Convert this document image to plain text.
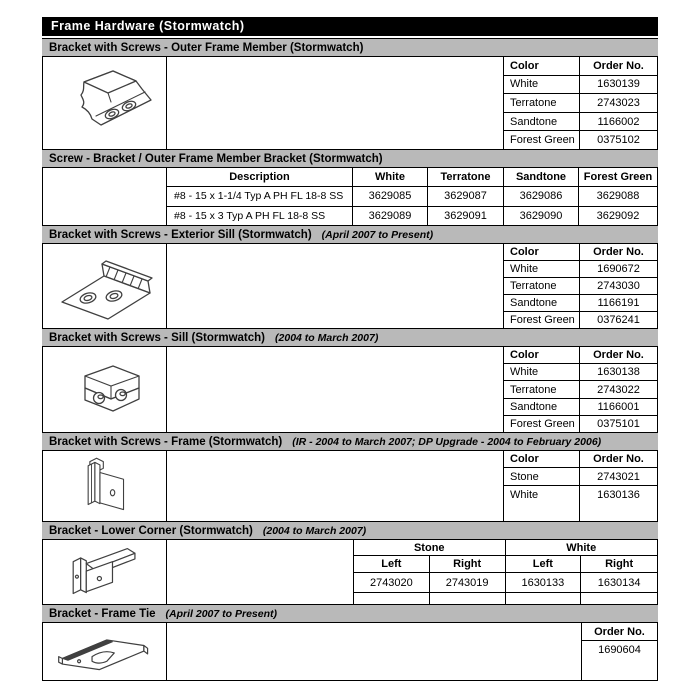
Frame Hardware (Stormwatch)
Bracket with Screws - Outer Frame Member (Stormwatch)
Color	Order No.
White	1630139
Terratone	2743023
Sandtone	1166002
Forest Green	0375102
Screw - Bracket / Outer Frame Member Bracket (Stormwatch)
Description	White	Terratone	Sandtone	Forest Green
#8 - 15 x 1-1/4 Typ A PH FL 18-8 SS	3629085	3629087	3629086	3629088
#8 - 15 x 3 Typ A PH FL 18-8 SS	3629089	3629091	3629090	3629092
Bracket with Screws - Exterior Sill (Stormwatch) (April 2007 to Present)
Color	Order No.
White	1690672
Terratone	2743030
Sandtone	1166191
Forest Green	0376241
Bracket with Screws - Sill (Stormwatch) (2004 to March 2007)
Color	Order No.
White	1630138
Terratone	2743022
Sandtone	1166001
Forest Green	0375101
Bracket with Screws - Frame (Stormwatch) (IR - 2004 to March 2007; DP Upgrade - 2004 to February 2006)
Color	Order No.
Stone	2743021
White	1630136
Bracket - Lower Corner (Stormwatch) (2004 to March 2007)
Stone	White
Left	Right	Left	Right
2743020	2743019	1630133	1630134
Bracket - Frame Tie (April 2007 to Present)
Order No.
1690604
